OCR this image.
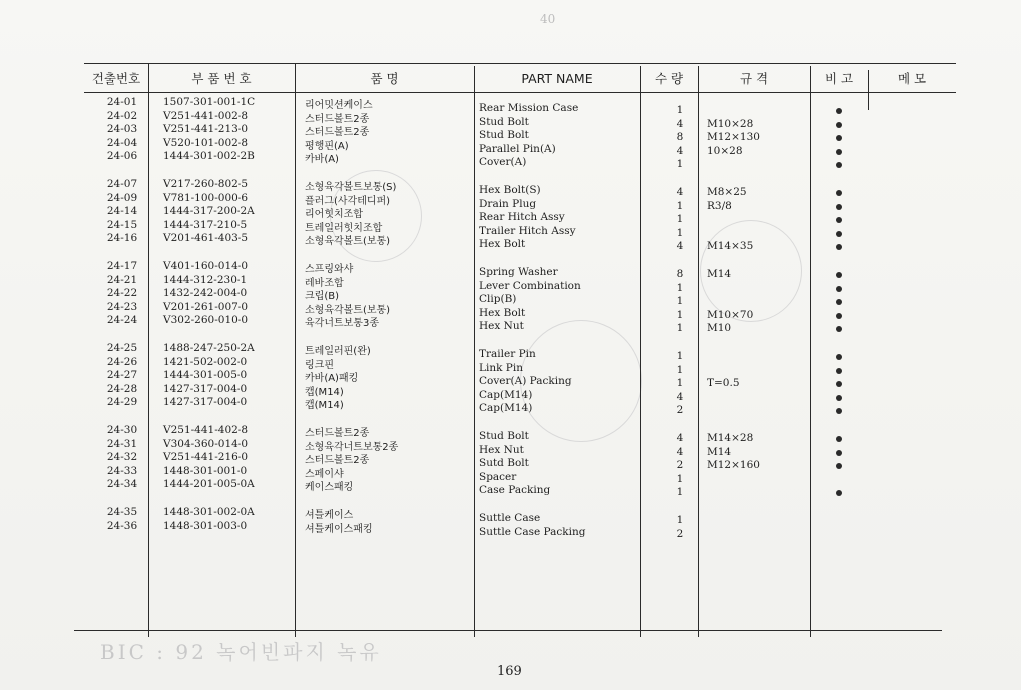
40
건출번호	부 품 번 호	품 명	PART NAME	수 량	규 격	비 고	메 모
24-01	1507-301-001-1C	리어밋션케이스	Rear Mission Case	1
24-02	V251-441-002-8	스터드볼트2종	Stud Bolt	4	M10×28
24-03	V251-441-213-0	스터드볼트2종	Stud Bolt	8	M12×130
24-04	V520-101-002-8	평행핀(A)	Parallel Pin(A)	4	10×28
24-06	1444-301-002-2B	카바(A)	Cover(A)	1
24-07	V217-260-802-5	소형육각볼트보통(S)	Hex Bolt(S)	4	M8×25
24-09	V781-100-000-6	플러그(사각테디퍼)	Drain Plug	1	R3/8
24-14	1444-317-200-2A	리어힛치조합	Rear Hitch Assy	1
24-15	1444-317-210-5	트레일러힛치조합	Trailer Hitch Assy	1
24-16	V201-461-403-5	소형육각볼트(보통)	Hex Bolt	4	M14×35
24-17	V401-160-014-0	스프링와샤	Spring Washer	8	M14
24-21	1444-312-230-1	레바조합	Lever Combination	1
24-22	1432-242-004-0	크립(B)	Clip(B)	1
24-23	V201-261-007-0	소형육각볼트(보통)	Hex Bolt	1	M10×70
24-24	V302-260-010-0	육각너트보통3종	Hex Nut	1	M10
24-25	1488-247-250-2A	트레일러핀(완)	Trailer Pin	1
24-26	1421-502-002-0	링크핀	Link Pin	1
24-27	1444-301-005-0	카바(A)패킹	Cover(A) Packing	1	T=0.5
24-28	1427-317-004-0	캡(M14)	Cap(M14)	4
24-29	1427-317-004-0	캡(M14)	Cap(M14)	2
24-30	V251-441-402-8	스터드볼트2종	Stud Bolt	4	M14×28
24-31	V304-360-014-0	소형육각너트보통2종	Hex Nut	4	M14
24-32	V251-441-216-0	스터드볼트2종	Sutd Bolt	2	M12×160
24-33	1448-301-001-0	스페이샤	Spacer	1
24-34	1444-201-005-0A	케이스패킹	Case Packing	1
24-35	1448-301-002-0A	셔틀케이스	Suttle Case	1
24-36	1448-301-003-0	셔틀케이스패킹	Suttle Case Packing	2
BIC : 92 녹어빈파지 녹유
169
